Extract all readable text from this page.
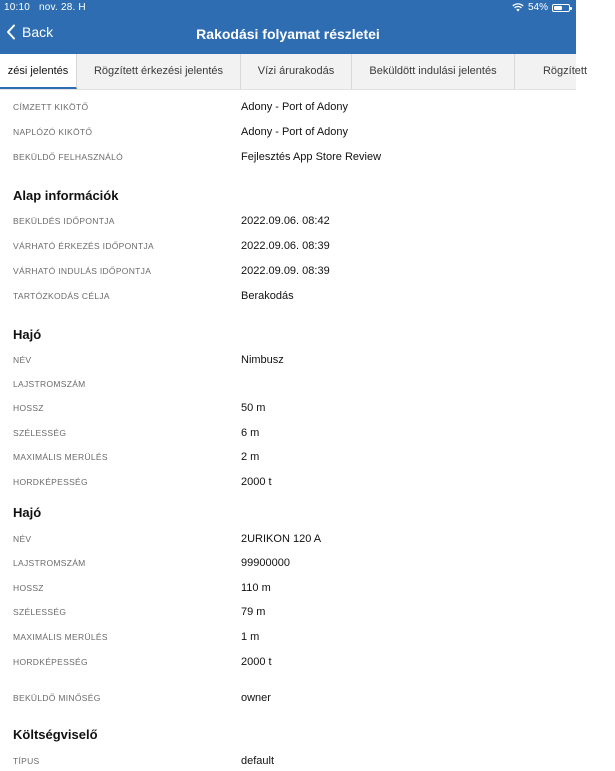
10:10 nov. 28. H	54%
Back	Rakodási folyamat részletei
zési jelentés	Rögzített érkezési jelentés	Vízi árurakodás	Beküldött indulási jelentés	Rögzített
CÍMZETT KIKÖTŐ	Adony - Port of Adony
NAPLÓZÓ KIKÖTŐ	Adony - Port of Adony
BEKÜLDŐ FELHASZNÁLÓ	Fejlesztés App Store Review
Alap információk
BEKÜLDÉS IDŐPONTJA	2022.09.06. 08:42
VÁRHATÓ ÉRKEZÉS IDŐPONTJA	2022.09.06. 08:39
VÁRHATÓ INDULÁS IDŐPONTJA	2022.09.09. 08:39
TARTÓZKODÁS CÉLJA	Berakodás
Hajó
NÉV	Nimbusz
LAJSTROMSZÁM
HOSSZ	50 m
SZÉLESSÉG	6 m
MAXIMÁLIS MERÜLÉS	2 m
HORDKÉPESSÉG	2000 t
Hajó
NÉV	2URIKON 120 A
LAJSTROMSZÁM	99900000
HOSSZ	110 m
SZÉLESSÉG	79 m
MAXIMÁLIS MERÜLÉS	1 m
HORDKÉPESSÉG	2000 t
BEKÜLDŐ MINŐSÉG	owner
Költségviselő
TÍPUS	default
